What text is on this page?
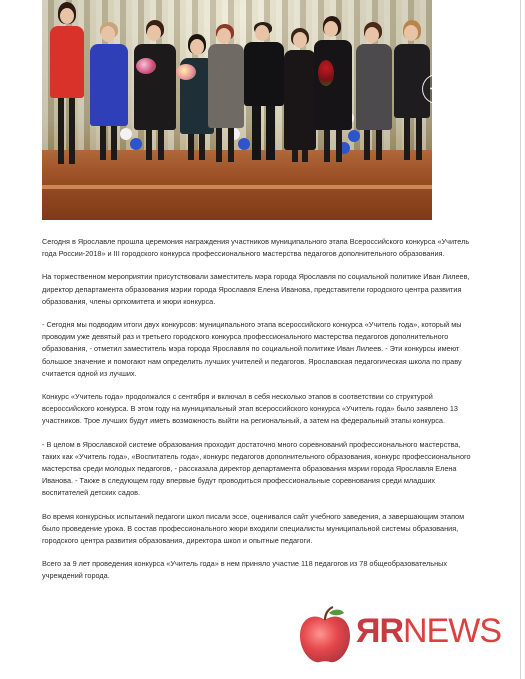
Сегодня в Ярославле прошла церемония награждения участников муниципального этапа Всероссийского конкурса «Учитель года России-2018» и III городского конкурса профессионального мастерства педагогов дополнительного образования.

На торжественном мероприятии присутствовали заместитель мэра города Ярославля по социальной политике Иван Лилеев, директор департамента образования мэрии города Ярославля Елена Иванова, представители городского центра развития образования, члены оргкомитета и жюри конкурса.

- Сегодня мы подводим итоги двух конкурсов: муниципального этапа всероссийского конкурса «Учитель года», который мы проводим уже девятый раз и третьего городского конкурса профессионального мастерства педагогов дополнительного образования, - отметил заместитель мэра города Ярославля по социальной политике Иван Лилеев. - Эти конкурсы имеют большое значение и помогают нам определить лучших учителей и педагогов. Ярославская педагогическая школа по праву считается одной из лучших.

Конкурс «Учитель года» продолжался с сентября и включал в себя несколько этапов в соответствии со структурой всероссийского конкурса. В этом году на муниципальный этап всероссийского конкурса «Учитель года» было заявлено 13 участников. Трое лучших будут иметь возможность выйти на региональный, а затем на федеральный этапы конкурса.

- В целом в Ярославской системе образования проходит достаточно много соревнований профессионального мастерства, таких как «Учитель года», «Воспитатель года», конкурс педагогов дополнительного образования, конкурс профессионального мастерства среди молодых педагогов, - рассказала директор департамента образования мэрии города Ярославля Елена Иванова. - Также в следующем году впервые будут проводиться профессиональные соревнования среди младших воспитателей детских садов.

Во время конкурсных испытаний педагоги школ писали эссе, оценивался сайт учебного заведения, а завершающим этапом было проведение урока. В состав профессионального жюри входили специалисты муниципальной системы образования, городского центра развития образования, директора школ и опытные педагоги.

Всего за 9 лет проведения конкурса «Учитель года» в нем приняло участие 118 педагогов из 78 общеобразовательных учреждений города.

ЯRNEWS
